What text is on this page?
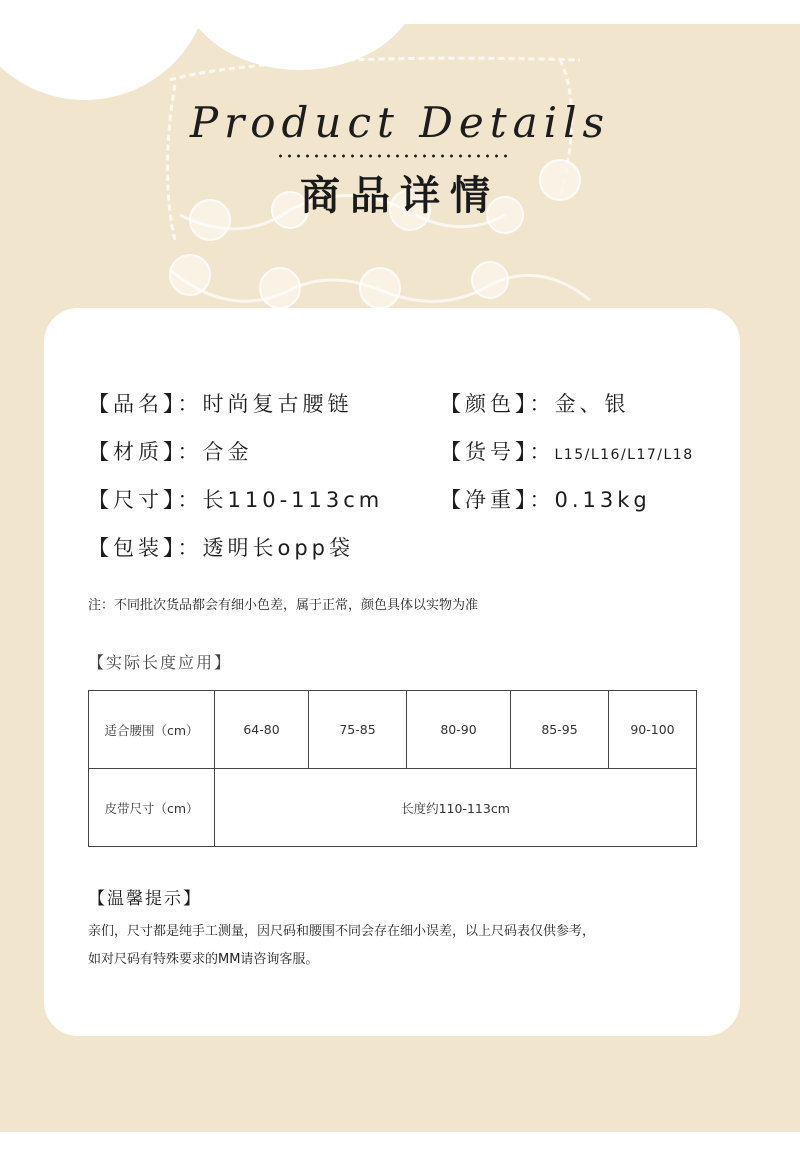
Product Details
商品详情
【品名】：时尚复古腰链	【颜色】：金、银
【材质】：合金	【货号】：L15/L16/L17/L18
【尺寸】：长110-113cm	【净重】：0.13kg
【包装】：透明长opp袋
注：不同批次货品都会有细小色差，属于正常，颜色具体以实物为准
【实际长度应用】
适合腰围（cm）	64-80	75-85	80-90	85-95	90-100
皮带尺寸（cm）	长度约110-113cm				
【温馨提示】
亲们，尺寸都是纯手工测量，因尺码和腰围不同会存在细小误差，以上尺码表仅供参考，
如对尺码有特殊要求的MM请咨询客服。
